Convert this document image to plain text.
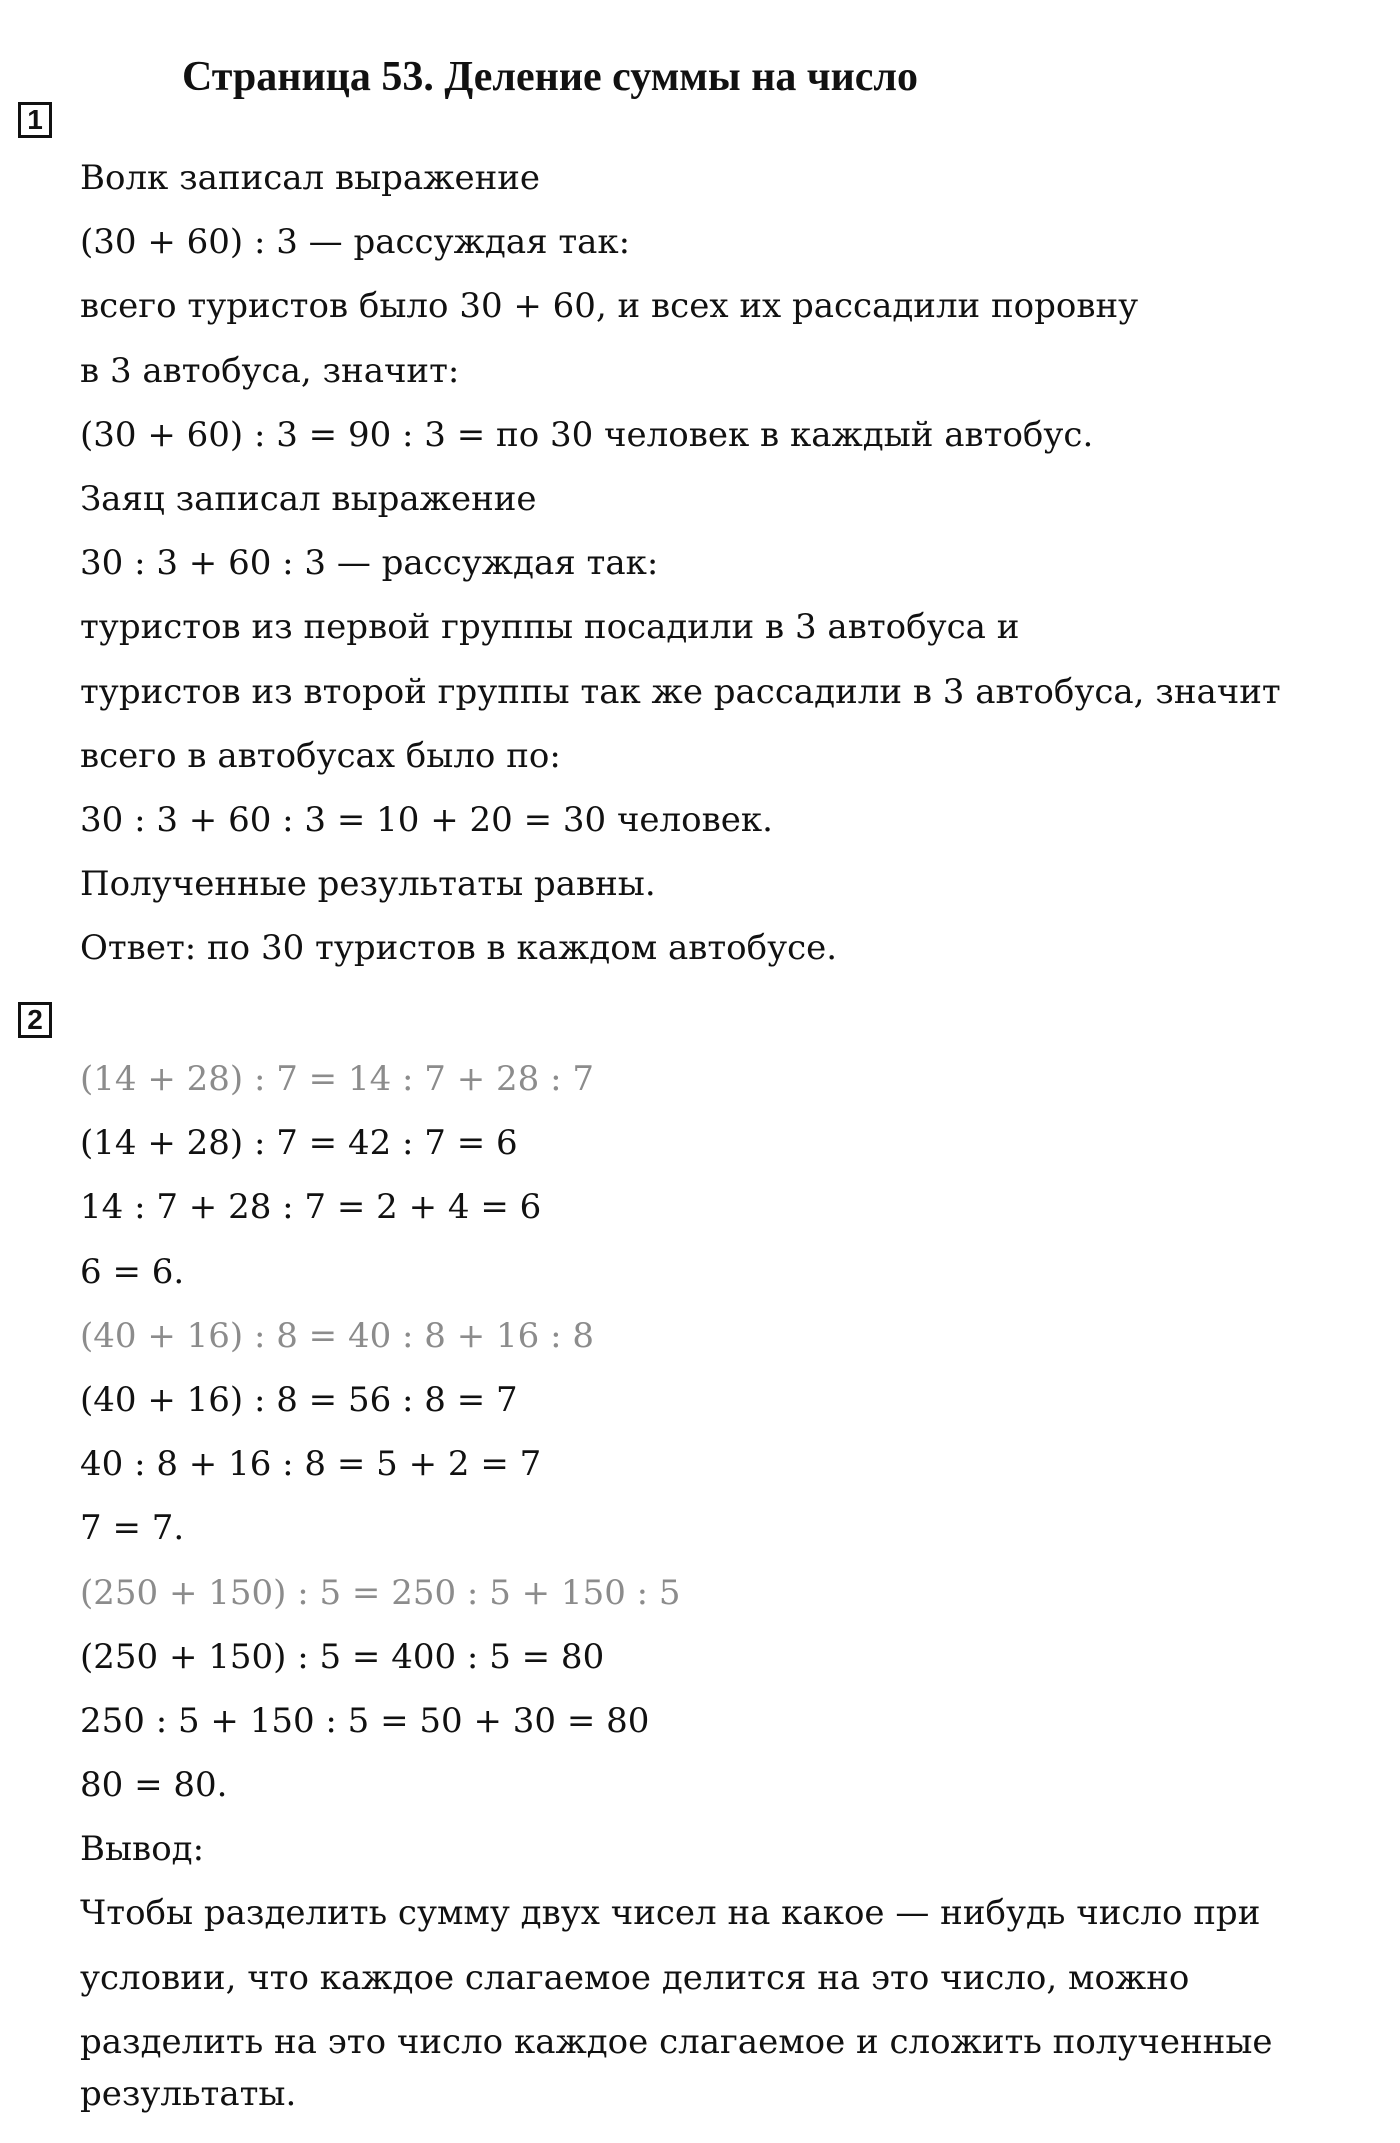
Страница 53. Деление суммы на число
1
Волк записал выражение
(30 + 60) : 3 — рассуждая так:
всего туристов было 30 + 60, и всех их рассадили поровну
в 3 автобуса, значит:
(30 + 60) : 3 = 90 : 3 = по 30 человек в каждый автобус.
Заяц записал выражение
30 : 3 + 60 : 3 — рассуждая так:
туристов из первой группы посадили в 3 автобуса и
туристов из второй группы так же рассадили в 3 автобуса, значит
всего в автобусах было по:
30 : 3 + 60 : 3 = 10 + 20 = 30 человек.
Полученные результаты равны.
Ответ: по 30 туристов в каждом автобусе.
2
(14 + 28) : 7 = 14 : 7 + 28 : 7
(14 + 28) : 7 = 42 : 7 = 6
14 : 7 + 28 : 7 = 2 + 4 = 6
6 = 6.
(40 + 16) : 8 = 40 : 8 + 16 : 8
(40 + 16) : 8 = 56 : 8 = 7
40 : 8 + 16 : 8 = 5 + 2 = 7
7 = 7.
(250 + 150) : 5 = 250 : 5 + 150 : 5
(250 + 150) : 5 = 400 : 5 = 80
250 : 5 + 150 : 5 = 50 + 30 = 80
80 = 80.
Вывод:
Чтобы разделить сумму двух чисел на какое — нибудь число при
условии, что каждое слагаемое делится на это число, можно
разделить на это число каждое слагаемое и сложить полученные
результаты.
